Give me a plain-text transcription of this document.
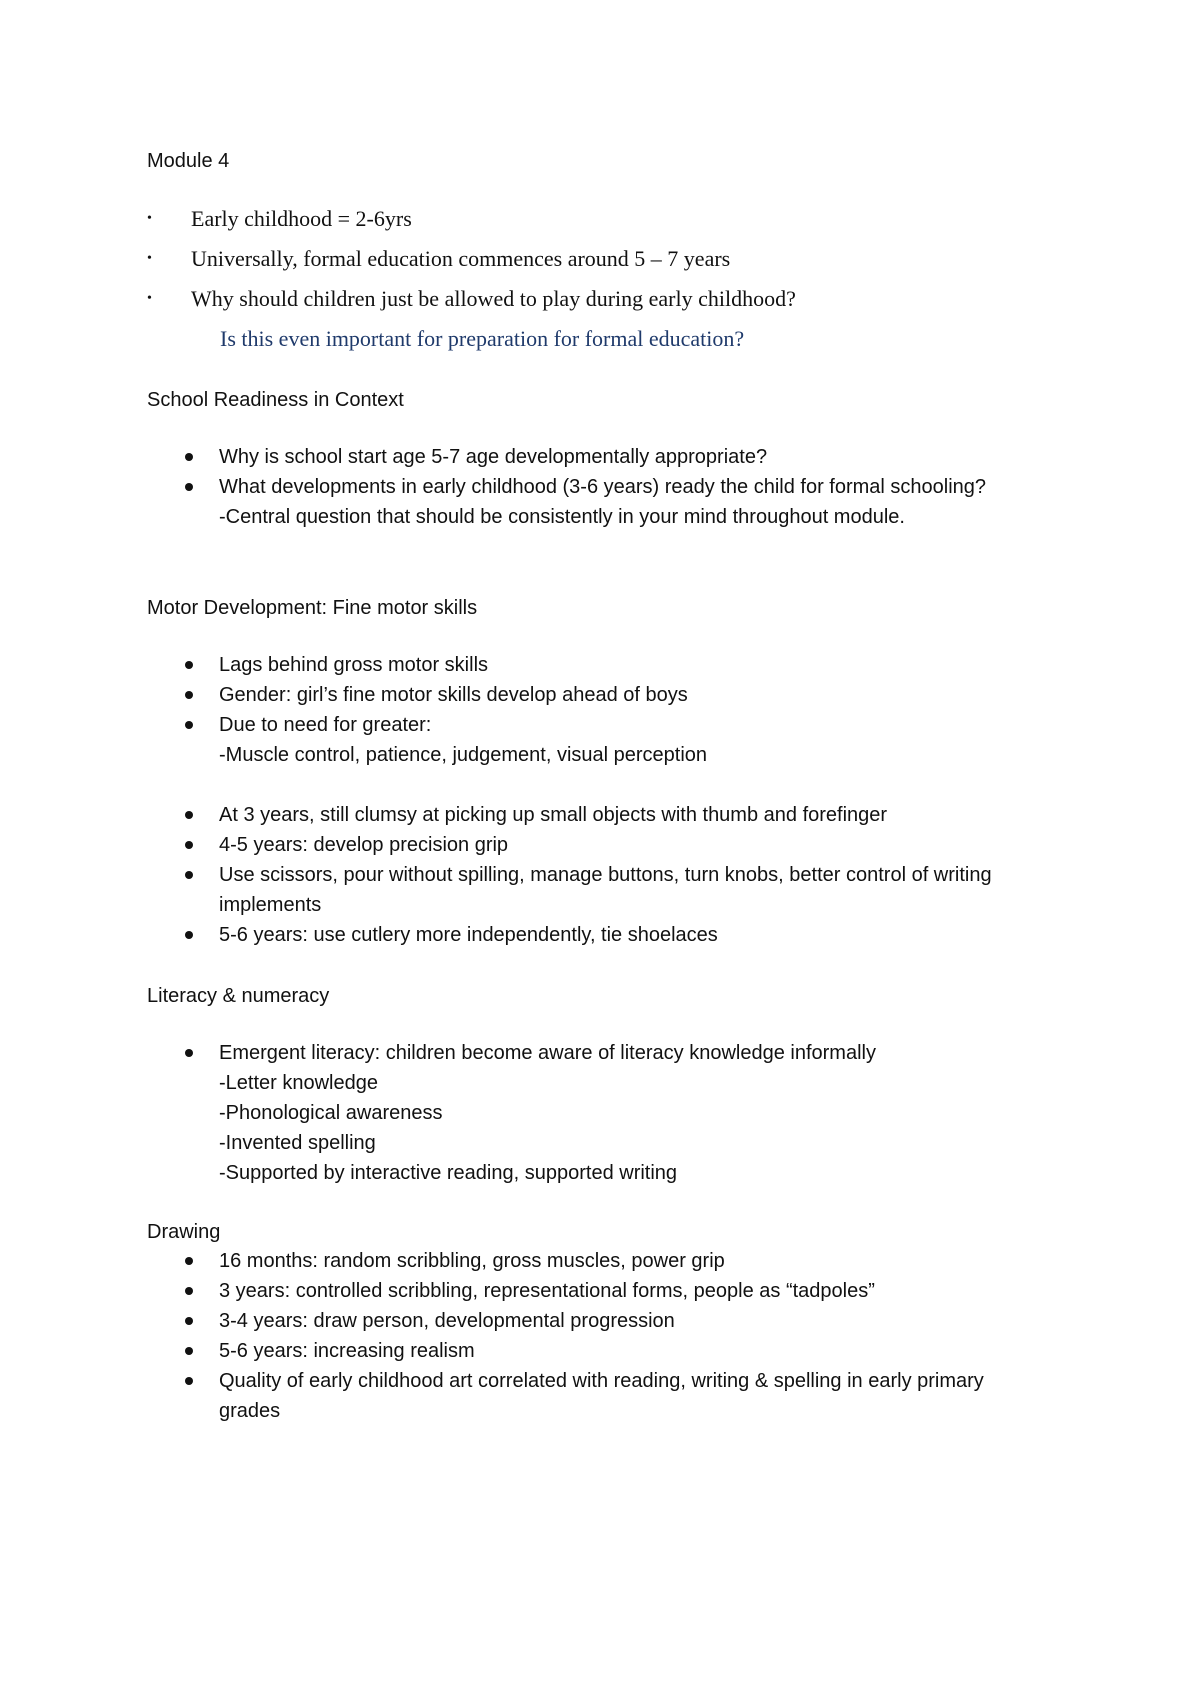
Module 4

• Early childhood = 2-6yrs
• Universally, formal education commences around 5 – 7 years
• Why should children just be allowed to play during early childhood?

Is this even important for preparation for formal education?

School Readiness in Context

Why is school start age 5-7 age developmentally appropriate?
What developments in early childhood (3-6 years) ready the child for formal schooling?
-Central question that should be consistently in your mind throughout module.

Motor Development: Fine motor skills

Lags behind gross motor skills
Gender: girl’s fine motor skills develop ahead of boys
Due to need for greater:
-Muscle control, patience, judgement, visual perception
At 3 years, still clumsy at picking up small objects with thumb and forefinger
4-5 years: develop precision grip
Use scissors, pour without spilling, manage buttons, turn knobs, better control of writing implements
5-6 years: use cutlery more independently, tie shoelaces

Literacy & numeracy

Emergent literacy: children become aware of literacy knowledge informally
-Letter knowledge
-Phonological awareness
-Invented spelling
-Supported by interactive reading, supported writing

Drawing

16 months: random scribbling, gross muscles, power grip
3 years: controlled scribbling, representational forms, people as “tadpoles”
3-4 years: draw person, developmental progression
5-6 years: increasing realism
Quality of early childhood art correlated with reading, writing & spelling in early primary grades
